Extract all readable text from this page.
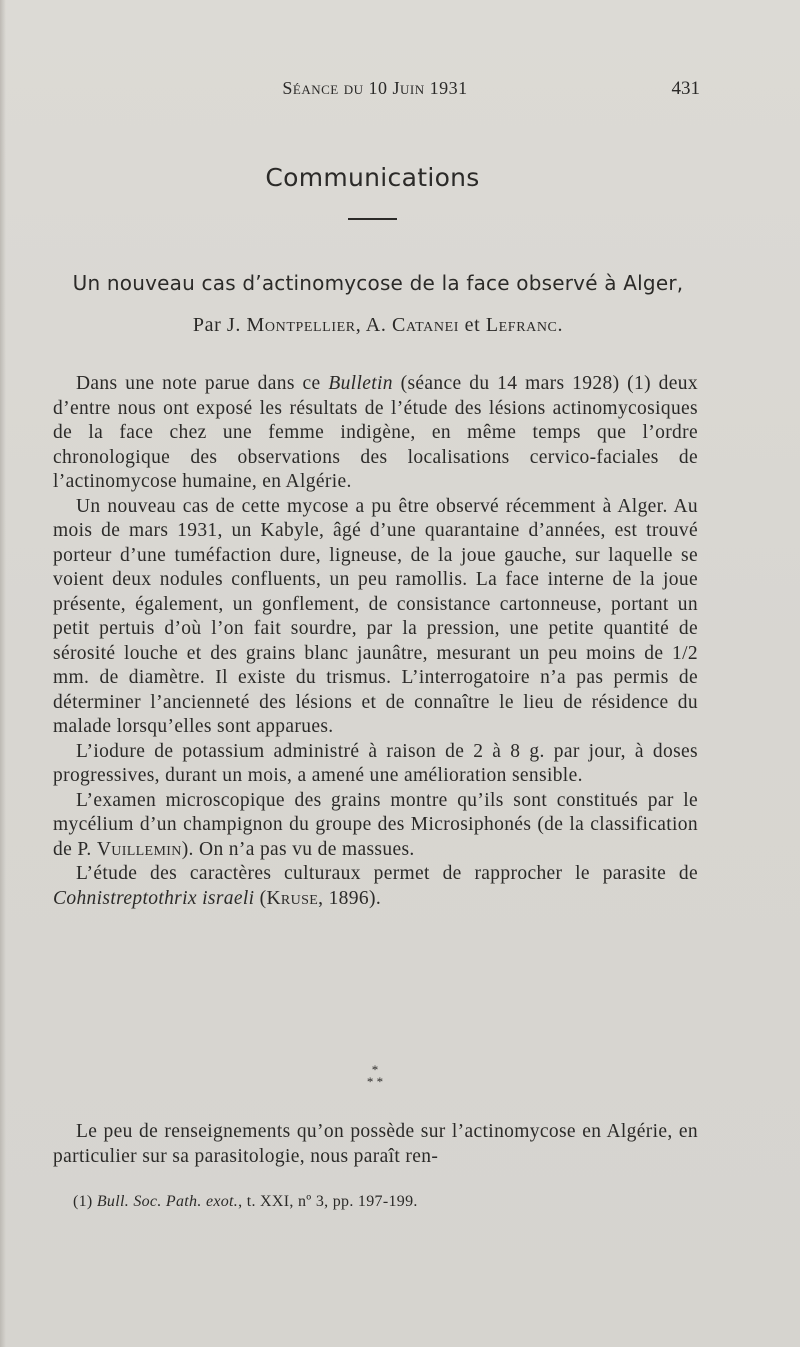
Séance du 10 Juin 1931	431
Communications
Un nouveau cas d’actinomycose de la face observé à Alger,
Par J. Montpellier, A. Catanei et Lefranc.

Dans une note parue dans ce Bulletin (séance du 14 mars 1928) (1) deux d’entre nous ont exposé les résultats de l’étude des lésions actinomycosiques de la face chez une femme indigène, en même temps que l’ordre chronologique des observations des localisations cervico-faciales de l’actinomycose humaine, en Algérie.

Un nouveau cas de cette mycose a pu être observé récemment à Alger. Au mois de mars 1931, un Kabyle, âgé d’une quarantaine d’années, est trouvé porteur d’une tuméfaction dure, ligneuse, de la joue gauche, sur laquelle se voient deux nodules confluents, un peu ramollis. La face interne de la joue présente, également, un gonflement, de consistance cartonneuse, portant un petit pertuis d’où l’on fait sourdre, par la pression, une petite quantité de sérosité louche et des grains blanc jaunâtre, mesurant un peu moins de 1/2 mm. de diamètre. Il existe du trismus. L’interrogatoire n’a pas permis de déterminer l’ancienneté des lésions et de connaître le lieu de résidence du malade lorsqu’elles sont apparues.

L’iodure de potassium administré à raison de 2 à 8 g. par jour, à doses progressives, durant un mois, a amené une amélioration sensible.

L’examen microscopique des grains montre qu’ils sont constitués par le mycélium d’un champignon du groupe des Microsiphonés (de la classification de P. Vuillemin). On n’a pas vu de massues.

L’étude des caractères culturaux permet de rapprocher le parasite de Cohnistreptothrix israeli (Kruse, 1896).

*
* *

Le peu de renseignements qu’on possède sur l’actinomycose en Algérie, en particulier sur sa parasitologie, nous paraît ren-

(1) Bull. Soc. Path. exot., t. XXI, nº 3, pp. 197-199.
